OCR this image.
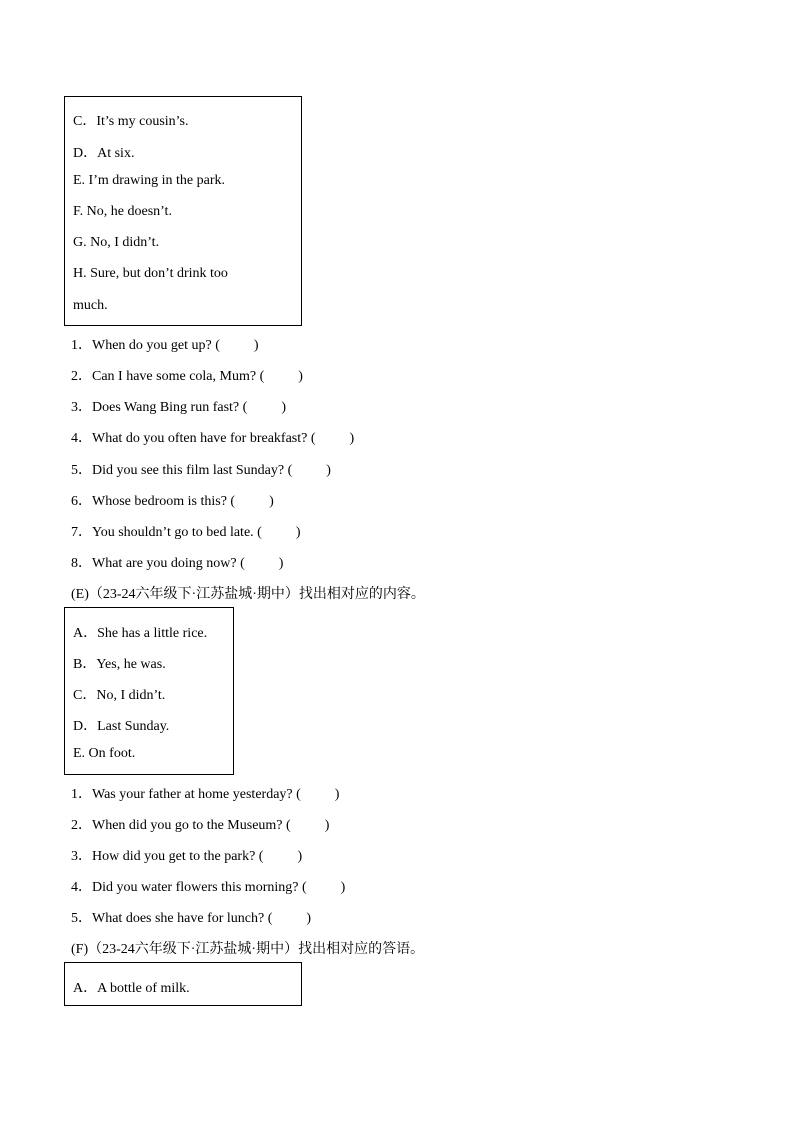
C．It’s my cousin’s.
D．At six.
E. I’m drawing in the park.
F. No, he doesn’t.
G. No, I didn’t.
H. Sure, but don’t drink too
much.
1．When do you get up? ( )
2．Can I have some cola, Mum? ( )
3．Does Wang Bing run fast? ( )
4．What do you often have for breakfast? ( )
5．Did you see this film last Sunday? ( )
6．Whose bedroom is this? ( )
7．You shouldn’t go to bed late. ( )
8．What are you doing now? ( )
(E)（23-24六年级下·江苏盐城·期中）找出相对应的内容。
A．She has a little rice.
B．Yes, he was.
C．No, I didn’t.
D．Last Sunday.
E. On foot.
1．Was your father at home yesterday? ( )
2．When did you go to the Museum? ( )
3．How did you get to the park? ( )
4．Did you water flowers this morning? ( )
5．What does she have for lunch? ( )
(F)（23-24六年级下·江苏盐城·期中）找出相对应的答语。
A．A bottle of milk.
